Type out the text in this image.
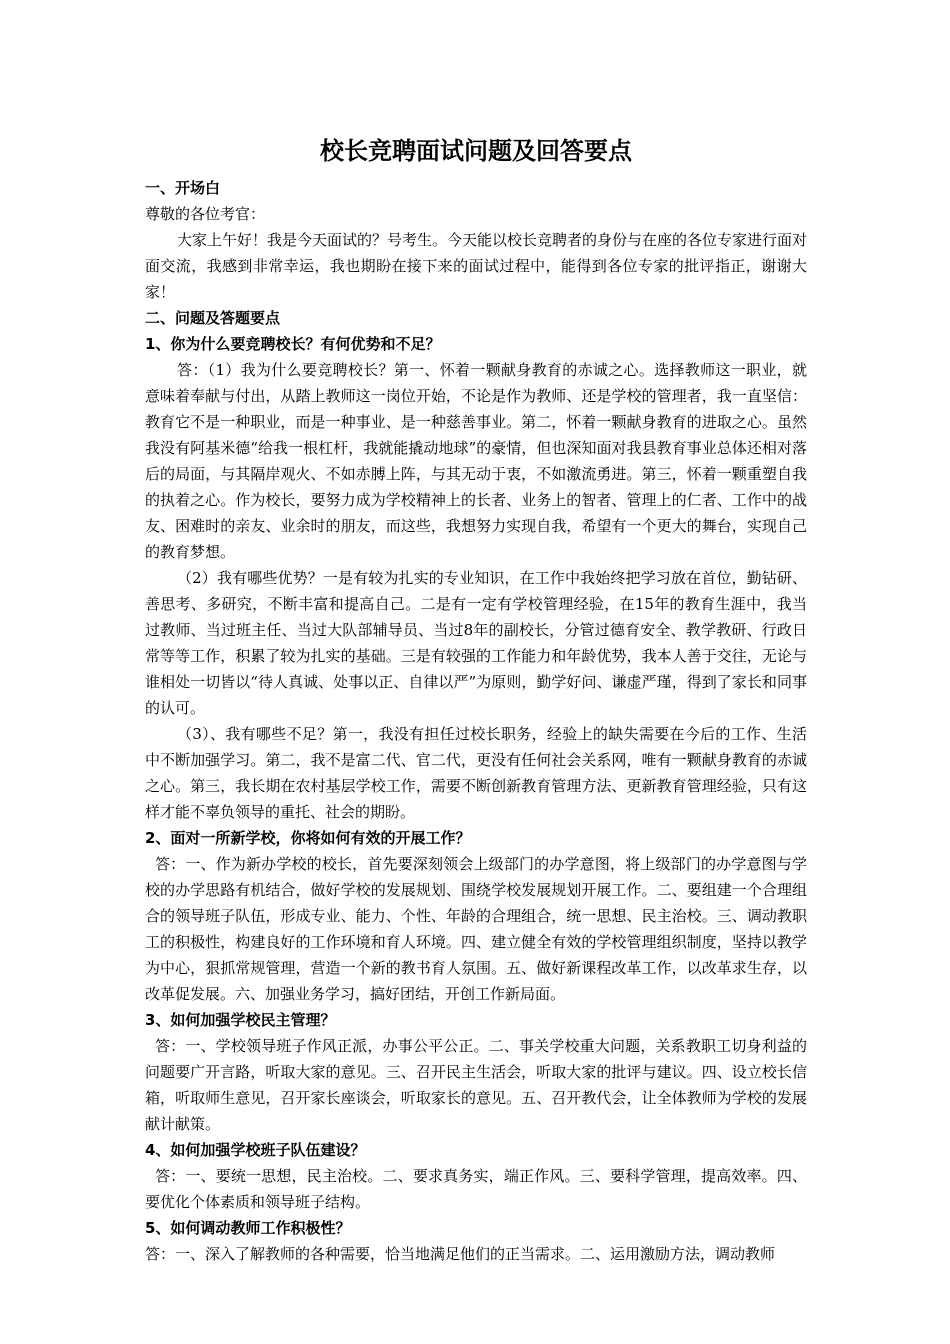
校长竞聘面试问题及回答要点

一、开场白

尊敬的各位考官：

大家上午好！我是今天面试的？号考生。今天能以校长竞聘者的身份与在座的各位专家进行面对面交流，我感到非常幸运，我也期盼在接下来的面试过程中，能得到各位专家的批评指正，谢谢大家！

二、问题及答题要点

1、你为什么要竞聘校长？有何优势和不足？

答：（1）我为什么要竞聘校长？第一、怀着一颗献身教育的赤诚之心。选择教师这一职业，就意味着奉献与付出，从踏上教师这一岗位开始，不论是作为教师、还是学校的管理者，我一直坚信：教育它不是一种职业，而是一种事业、是一种慈善事业。第二，怀着一颗献身教育的进取之心。虽然我没有阿基米德“给我一根杠杆，我就能撬动地球”的豪情，但也深知面对我县教育事业总体还相对落后的局面，与其隔岸观火、不如赤膊上阵，与其无动于衷，不如激流勇进。第三，怀着一颗重塑自我的执着之心。作为校长，要努力成为学校精神上的长者、业务上的智者、管理上的仁者、工作中的战友、困难时的亲友、业余时的朋友，而这些，我想努力实现自我，希望有一个更大的舞台，实现自己的教育梦想。

（2）我有哪些优势？一是有较为扎实的专业知识，在工作中我始终把学习放在首位，勤钻研、善思考、多研究，不断丰富和提高自己。二是有一定有学校管理经验，在15年的教育生涯中，我当过教师、当过班主任、当过大队部辅导员、当过8年的副校长，分管过德育安全、教学教研、行政日常等等工作，积累了较为扎实的基础。三是有较强的工作能力和年龄优势，我本人善于交往，无论与谁相处一切皆以“待人真诚、处事以正、自律以严”为原则，勤学好问、谦虚严瑾，得到了家长和同事的认可。

（3）、我有哪些不足？第一，我没有担任过校长职务，经验上的缺失需要在今后的工作、生活中不断加强学习。第二，我不是富二代、官二代，更没有任何社会关系网，唯有一颗献身教育的赤诚之心。第三，我长期在农村基层学校工作，需要不断创新教育管理方法、更新教育管理经验，只有这样才能不辜负领导的重托、社会的期盼。

2、面对一所新学校，你将如何有效的开展工作？

答：一、作为新办学校的校长，首先要深刻领会上级部门的办学意图，将上级部门的办学意图与学校的办学思路有机结合，做好学校的发展规划、围绕学校发展规划开展工作。二、要组建一个合理组合的领导班子队伍，形成专业、能力、个性、年龄的合理组合，统一思想、民主治校。三、调动教职工的积极性，构建良好的工作环境和育人环境。四、建立健全有效的学校管理组织制度，坚持以教学为中心，狠抓常规管理，营造一个新的教书育人氛围。五、做好新课程改革工作，以改革求生存，以改革促发展。六、加强业务学习，搞好团结，开创工作新局面。

3、如何加强学校民主管理？

答：一、学校领导班子作风正派，办事公平公正。二、事关学校重大问题，关系教职工切身利益的问题要广开言路，听取大家的意见。三、召开民主生活会，听取大家的批评与建议。四、设立校长信箱，听取师生意见，召开家长座谈会，听取家长的意见。五、召开教代会，让全体教师为学校的发展献计献策。

4、如何加强学校班子队伍建设？

答：一、要统一思想，民主治校。二、要求真务实，端正作风。三、要科学管理，提高效率。四、要优化个体素质和领导班子结构。

5、如何调动教师工作积极性？

答：一、深入了解教师的各种需要，恰当地满足他们的正当需求。二、运用激励方法，调动教师
